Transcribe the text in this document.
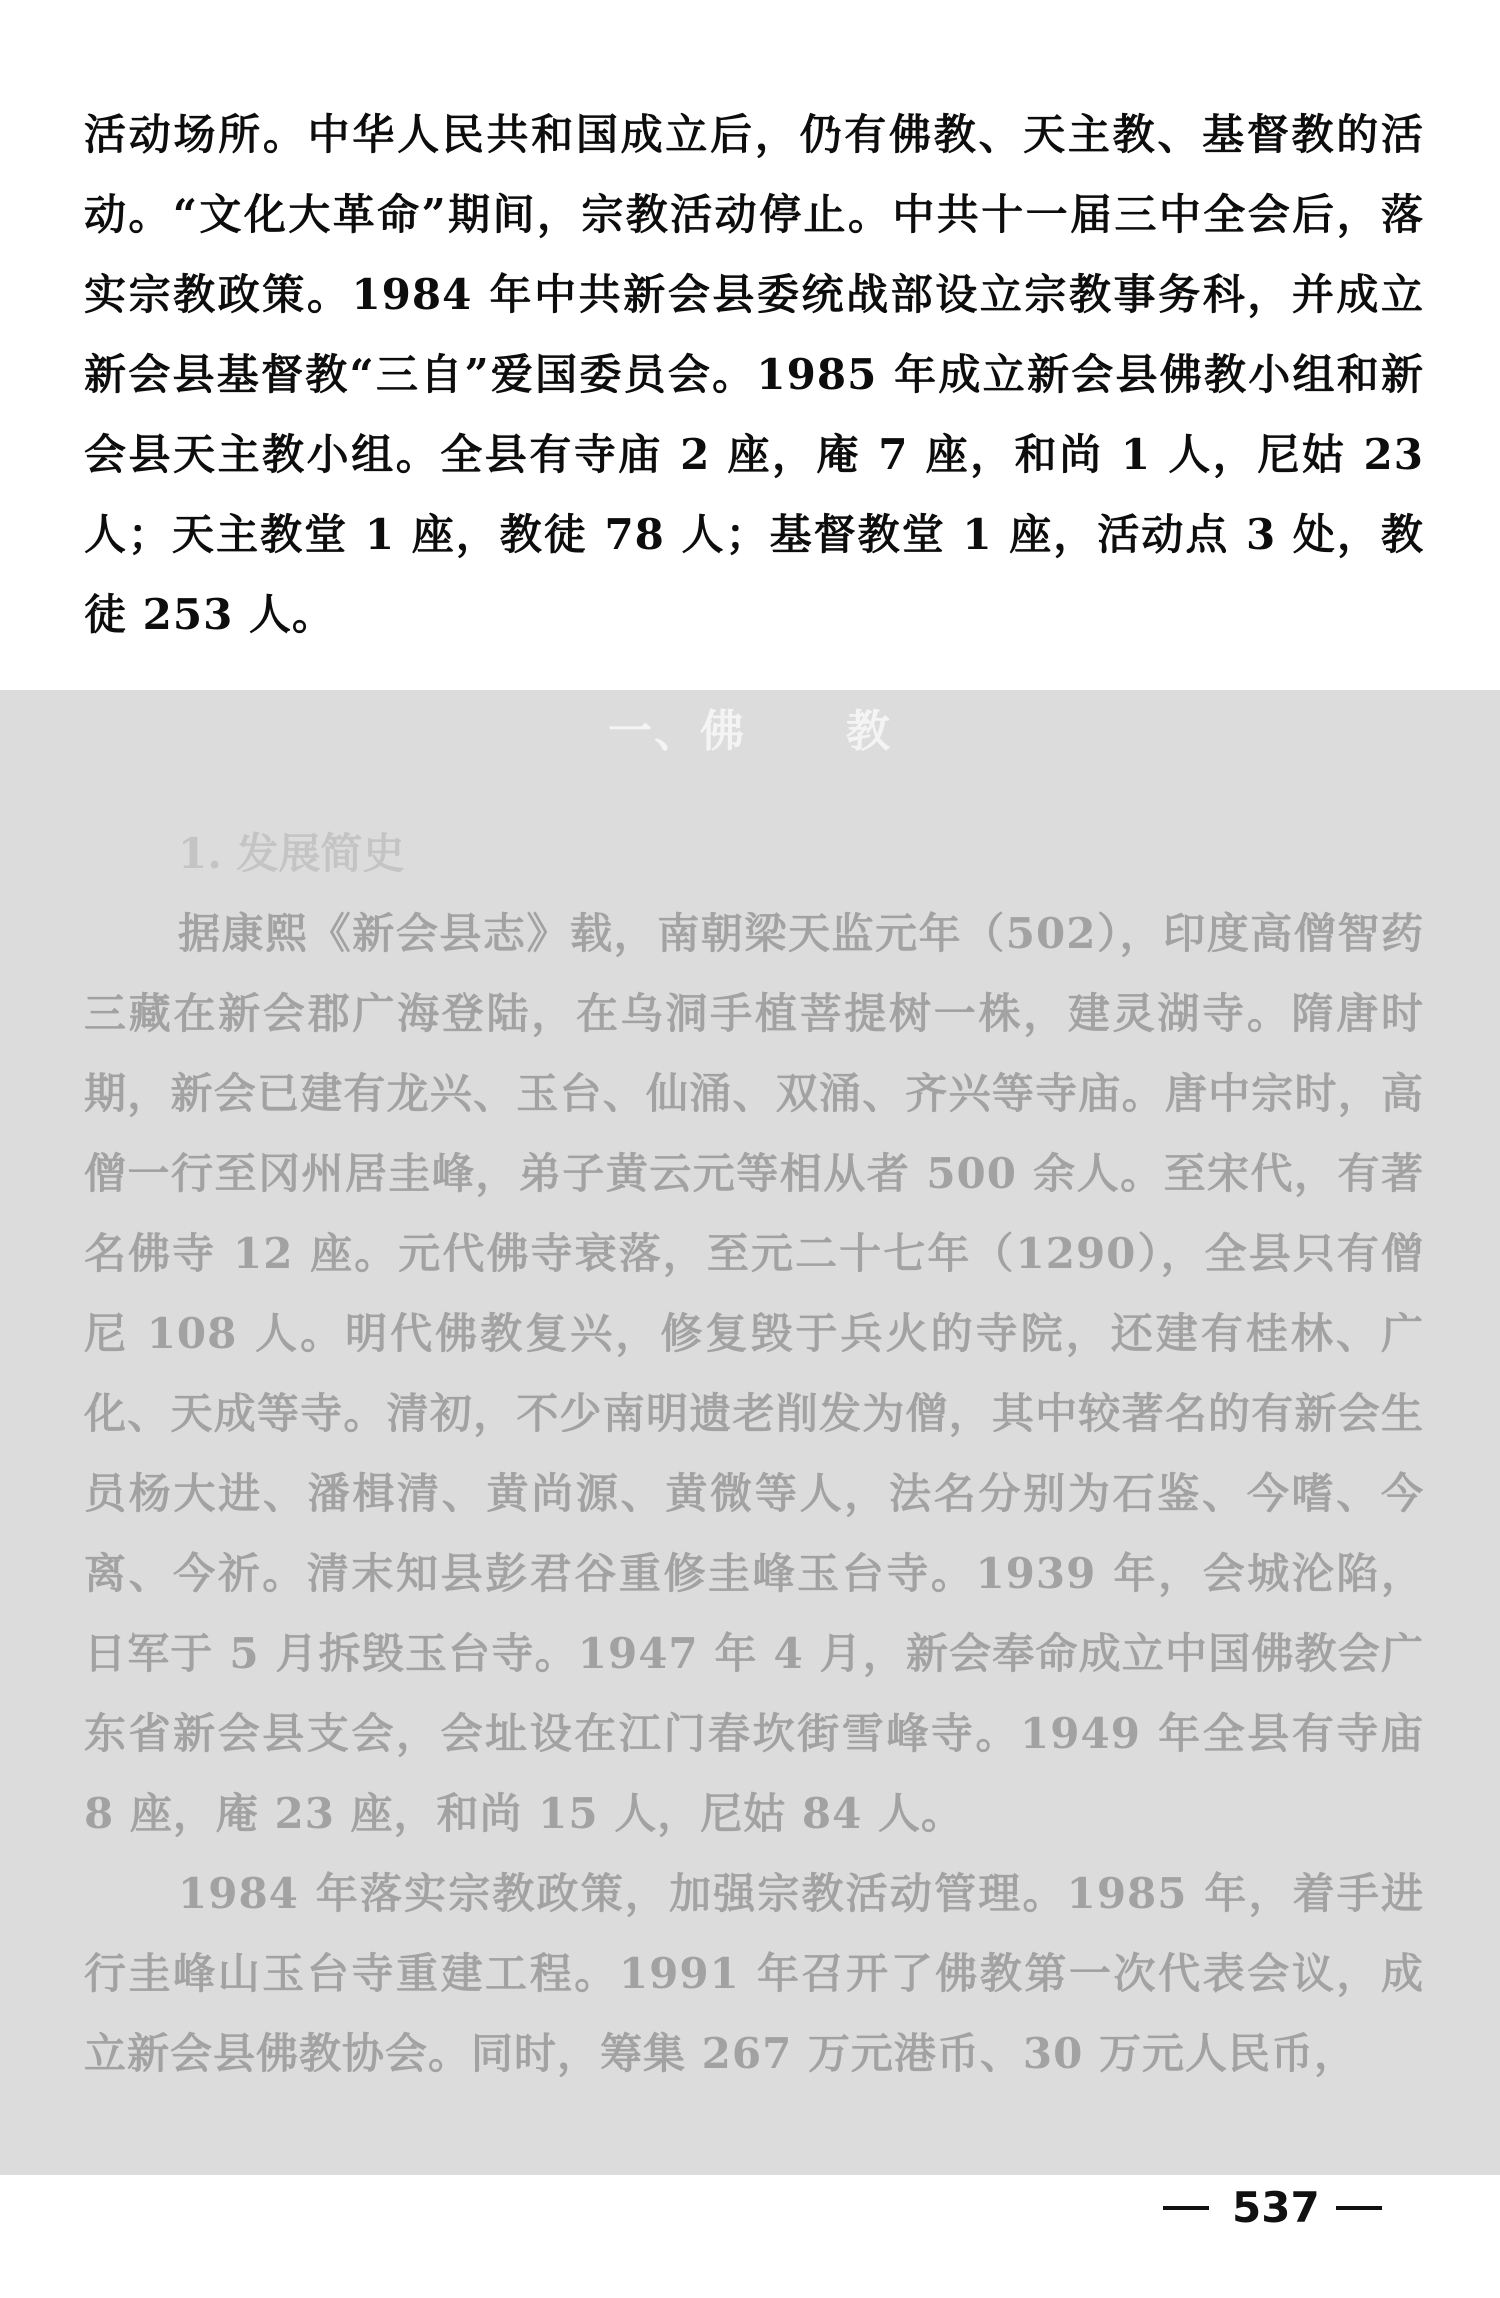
活动场所。中华人民共和国成立后，仍有佛教、天主教、基督教的活动。“文化大革命”期间，宗教活动停止。中共十一届三中全会后，落实宗教政策。1984 年中共新会县委统战部设立宗教事务科，并成立新会县基督教“三自”爱国委员会。1985 年成立新会县佛教小组和新会县天主教小组。全县有寺庙 2 座，庵 7 座，和尚 1 人，尼姑 23 人；天主教堂 1 座，教徒 78 人；基督教堂 1 座，活动点 3 处，教徒 253 人。

一、佛 教
1. 发展简史

据康熙《新会县志》载，南朝梁天监元年（502），印度高僧智药三藏在新会郡广海登陆，在乌洞手植菩提树一株，建灵湖寺。隋唐时期，新会已建有龙兴、玉台、仙涌、双涌、齐兴等寺庙。唐中宗时，高僧一行至冈州居圭峰，弟子黄云元等相从者 500 余人。至宋代，有著名佛寺 12 座。元代佛寺衰落，至元二十七年（1290），全县只有僧尼 108 人。明代佛教复兴，修复毁于兵火的寺院，还建有桂林、广化、天成等寺。清初，不少南明遗老削发为僧，其中较著名的有新会生员杨大进、潘楫清、黄尚源、黄微等人，法名分别为石鉴、今嗜、今离、今祈。清末知县彭君谷重修圭峰玉台寺。1939 年，会城沦陷，日军于 5 月拆毁玉台寺。1947 年 4 月，新会奉命成立中国佛教会广东省新会县支会，会址设在江门春坎街雪峰寺。1949 年全县有寺庙 8 座，庵 23 座，和尚 15 人，尼姑 84 人。

1984 年落实宗教政策，加强宗教活动管理。1985 年，着手进行圭峰山玉台寺重建工程。1991 年召开了佛教第一次代表会议，成立新会县佛教协会。同时，筹集 267 万元港币、30 万元人民币，

537
